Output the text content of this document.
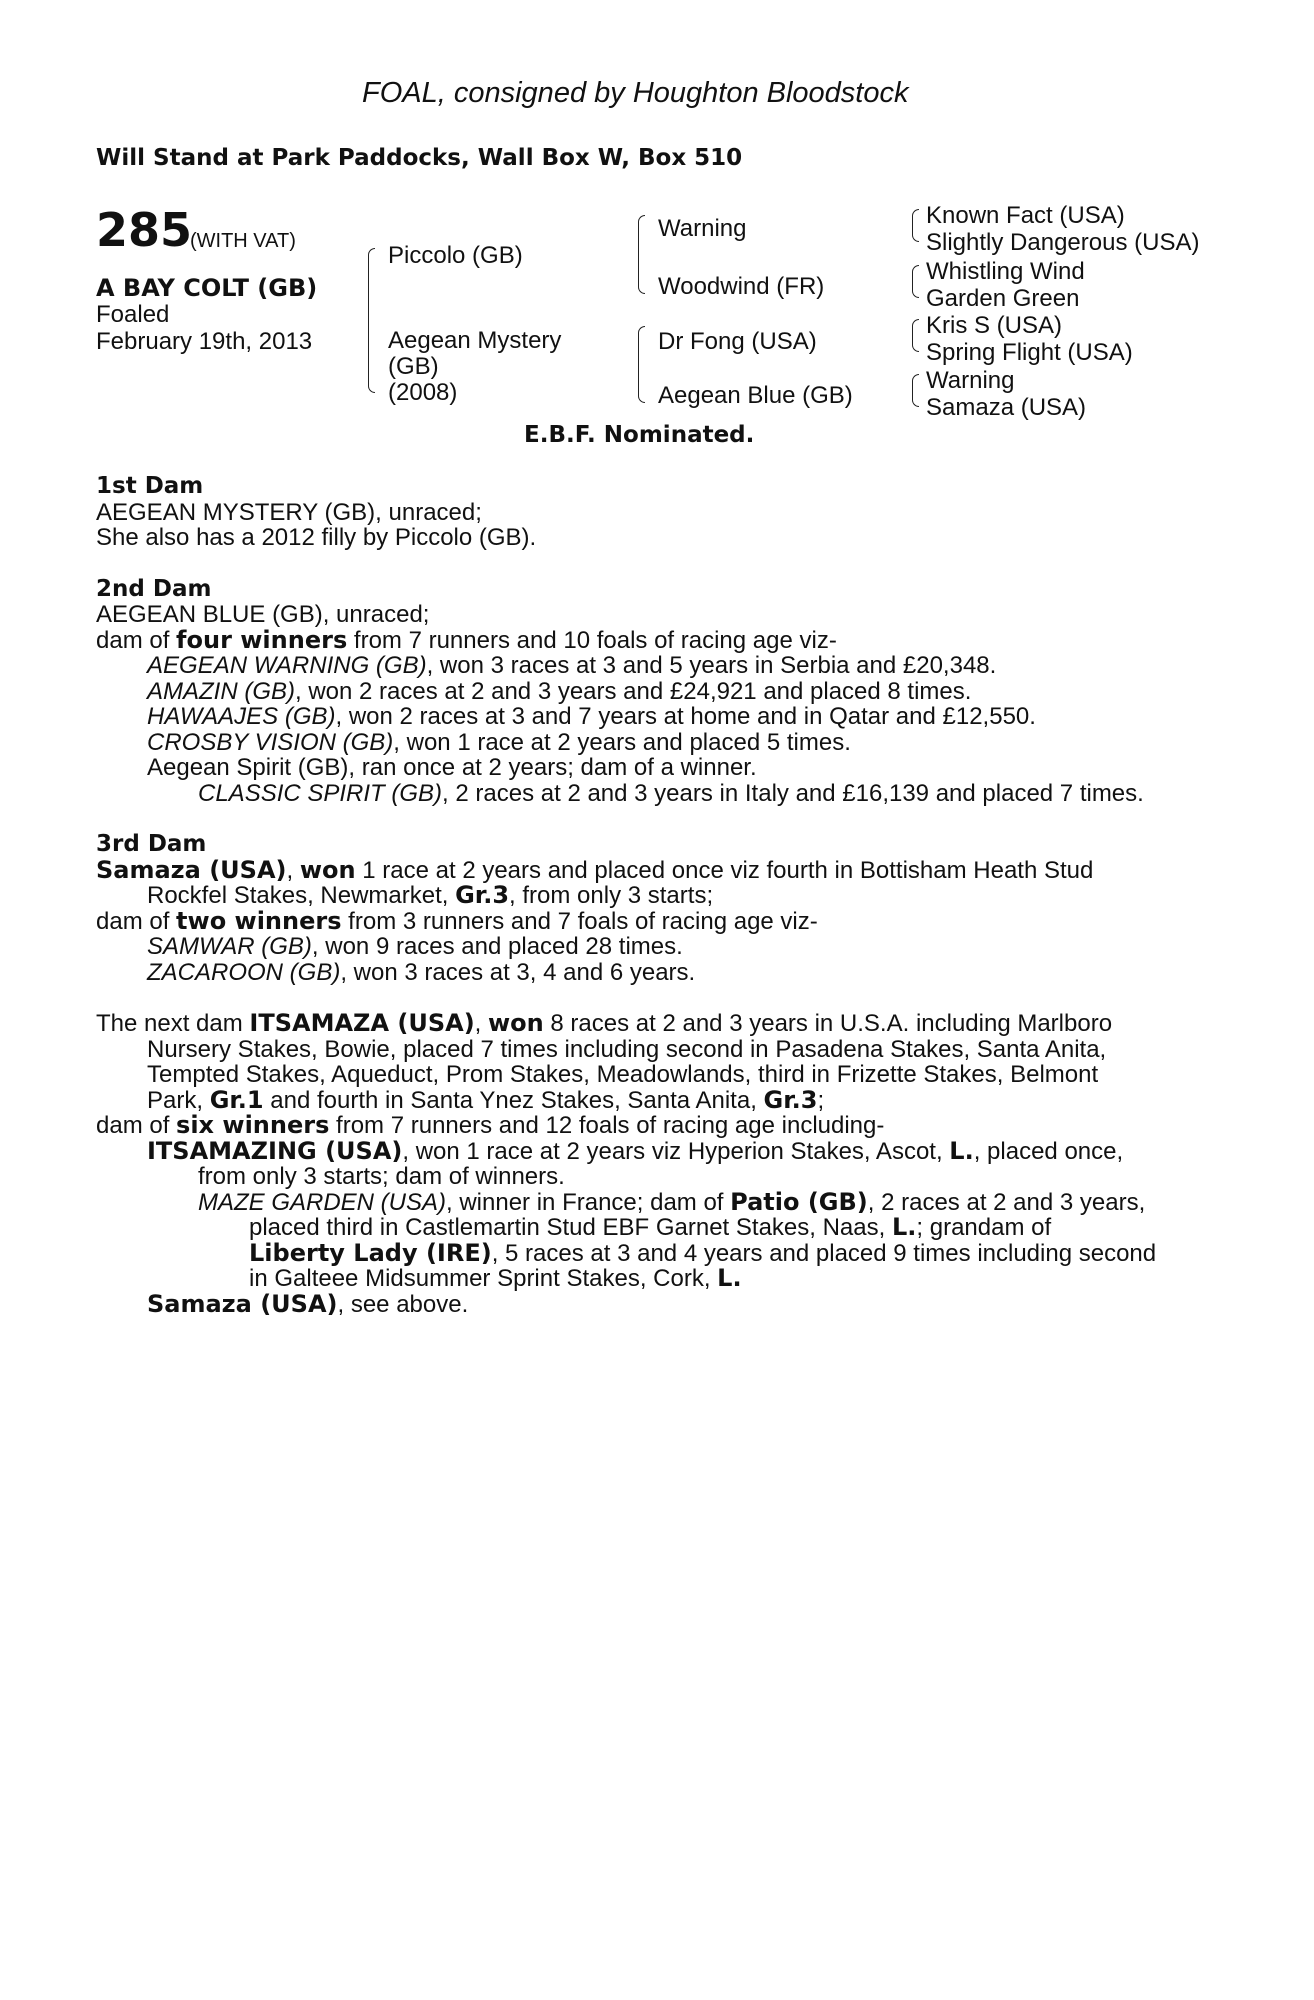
FOAL, consigned by Houghton Bloodstock
Will Stand at Park Paddocks, Wall Box W, Box 510
285
(WITH VAT)
A BAY COLT (GB)
Foaled
February 19th, 2013
Piccolo (GB)
Aegean Mystery
(GB)
(2008)
Warning
Woodwind (FR)
Dr Fong (USA)
Aegean Blue (GB)
Known Fact (USA)
Slightly Dangerous (USA)
Whistling Wind
Garden Green
Kris S (USA)
Spring Flight (USA)
Warning
Samaza (USA)
E.B.F. Nominated.
1st Dam
AEGEAN MYSTERY (GB), unraced;
She also has a 2012 filly by Piccolo (GB).
2nd Dam
AEGEAN BLUE (GB), unraced;
dam of four winners from 7 runners and 10 foals of racing age viz-
AEGEAN WARNING (GB), won 3 races at 3 and 5 years in Serbia and £20,348.
AMAZIN (GB), won 2 races at 2 and 3 years and £24,921 and placed 8 times.
HAWAAJES (GB), won 2 races at 3 and 7 years at home and in Qatar and £12,550.
CROSBY VISION (GB), won 1 race at 2 years and placed 5 times.
Aegean Spirit (GB), ran once at 2 years; dam of a winner.
CLASSIC SPIRIT (GB), 2 races at 2 and 3 years in Italy and £16,139 and placed 7 times.
3rd Dam
Samaza (USA), won 1 race at 2 years and placed once viz fourth in Bottisham Heath Stud
Rockfel Stakes, Newmarket, Gr.3, from only 3 starts;
dam of two winners from 3 runners and 7 foals of racing age viz-
SAMWAR (GB), won 9 races and placed 28 times.
ZACAROON (GB), won 3 races at 3, 4 and 6 years.
The next dam ITSAMAZA (USA), won 8 races at 2 and 3 years in U.S.A. including Marlboro
Nursery Stakes, Bowie, placed 7 times including second in Pasadena Stakes, Santa Anita,
Tempted Stakes, Aqueduct, Prom Stakes, Meadowlands, third in Frizette Stakes, Belmont
Park, Gr.1 and fourth in Santa Ynez Stakes, Santa Anita, Gr.3;
dam of six winners from 7 runners and 12 foals of racing age including-
ITSAMAZING (USA), won 1 race at 2 years viz Hyperion Stakes, Ascot, L., placed once,
from only 3 starts; dam of winners.
MAZE GARDEN (USA), winner in France; dam of Patio (GB), 2 races at 2 and 3 years,
placed third in Castlemartin Stud EBF Garnet Stakes, Naas, L.; grandam of
Liberty Lady (IRE), 5 races at 3 and 4 years and placed 9 times including second
in Galteee Midsummer Sprint Stakes, Cork, L.
Samaza (USA), see above.
